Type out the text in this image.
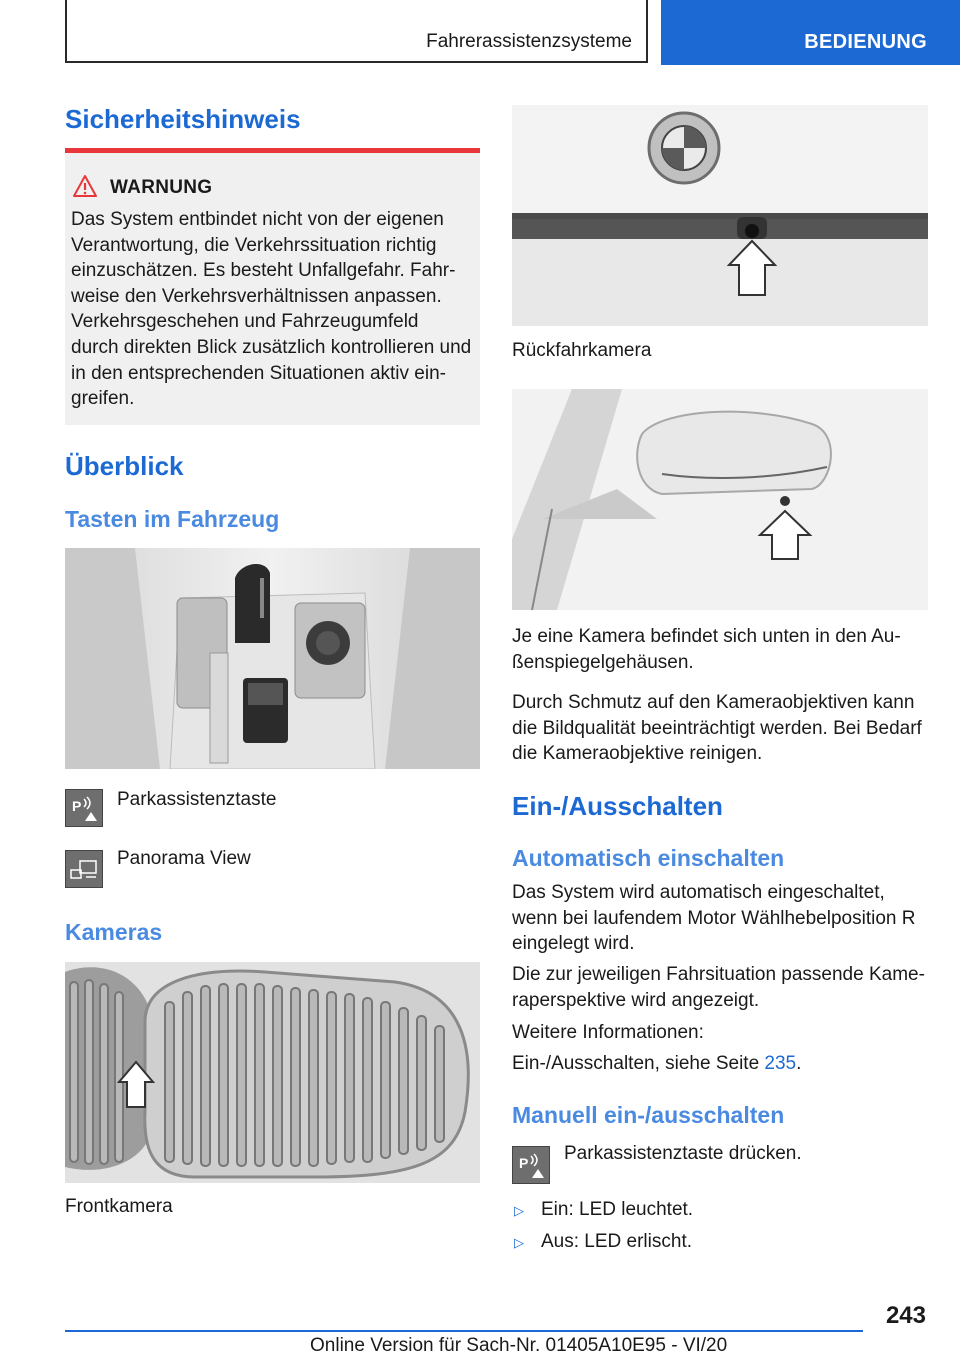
Fahrerassistenzsysteme	BEDIENUNG
Sicherheitshinweis
WARNUNG
Das System entbindet nicht von der eigenen
Verantwortung, die Verkehrssituation richtig
einzuschätzen. Es besteht Unfallgefahr. Fahr-
weise den Verkehrsverhältnissen anpassen.
Verkehrsgeschehen und Fahrzeugumfeld
durch direkten Blick zusätzlich kontrollieren und
in den entsprechenden Situationen aktiv ein-
greifen.
Überblick
Tasten im Fahrzeug
P Parkassistenztaste
Panorama View
Kameras
Frontkamera
Rückfahrkamera
Je eine Kamera befindet sich unten in den Au-
ßenspiegelgehäusen.
Durch Schmutz auf den Kameraobjektiven kann
die Bildqualität beeinträchtigt werden. Bei Bedarf
die Kameraobjektive reinigen.
Ein-/Ausschalten
Automatisch einschalten
Das System wird automatisch eingeschaltet,
wenn bei laufendem Motor Wählhebelposition R
eingelegt wird.
Die zur jeweiligen Fahrsituation passende Kame-
raperspektive wird angezeigt.
Weitere Informationen:
Ein-/Ausschalten, siehe Seite 235.
Manuell ein-/ausschalten
P Parkassistenztaste drücken.
▷ Ein: LED leuchtet.
▷ Aus: LED erlischt.
243
Online Version für Sach-Nr. 01405A10E95 - VI/20
